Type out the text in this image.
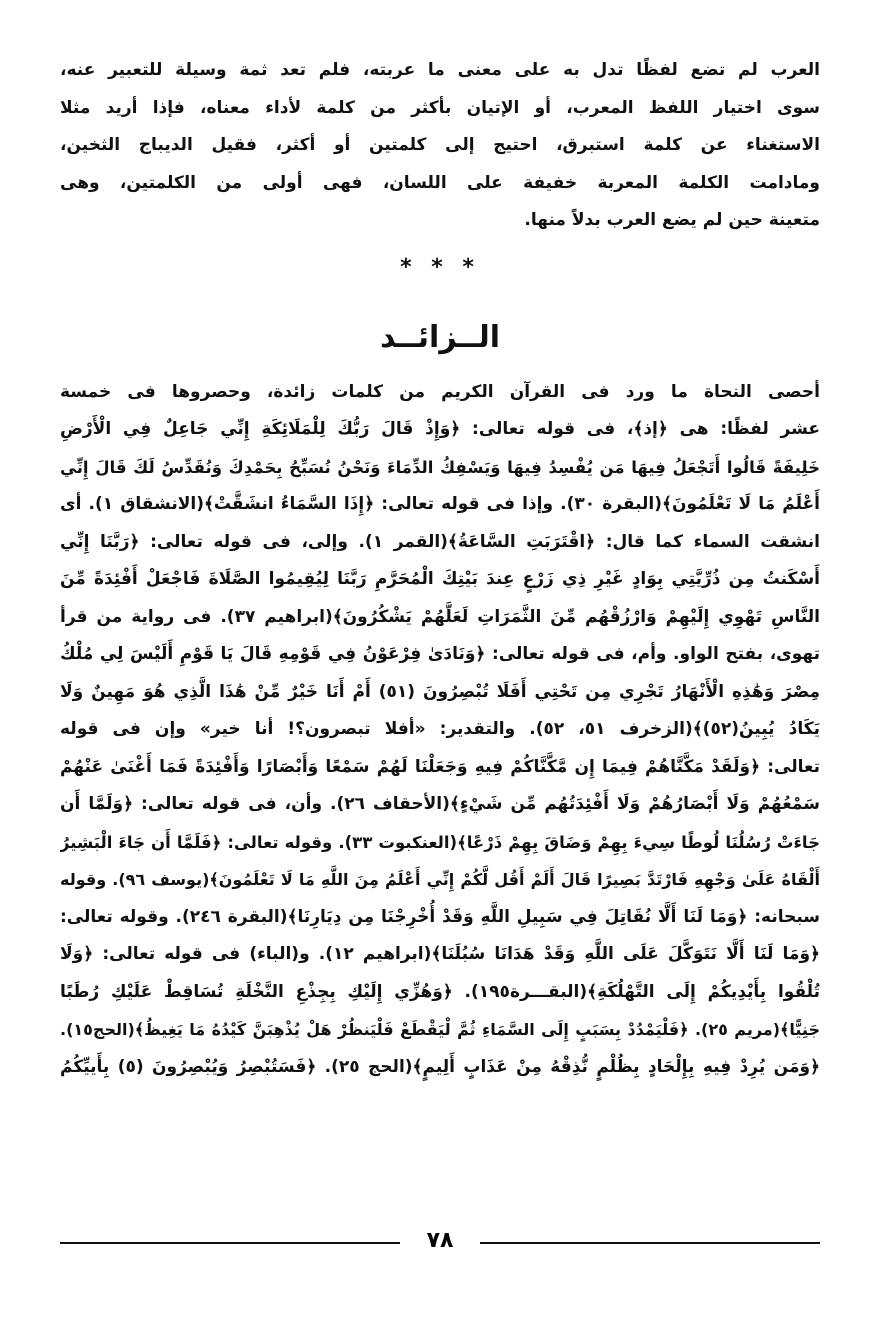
العرب لم تضع لفظًا تدل به على معنى ما عربته، فلم تعد ثمة وسيلة للتعبير عنه،
سوى اختيار اللفظ المعرب، أو الإتيان بأكثر من كلمة لأداء معناه، فإذا أريد مثلا
الاستغناء عن كلمة استبرق، احتيج إلى كلمتين أو أكثر، فقيل الديباج الثخين،
ومادامت الكلمة المعربة خفيفة على اللسان، فهى أولى من الكلمتين، وهى
متعينة حين لم يضع العرب بدلاً منها.
* * *
الــزائــد
أحصى النحاة ما ورد فى القرآن الكريم من كلمات زائدة، وحصروها فى خمسة
عشر لفظًا: هى ﴿إذ﴾، فى قوله تعالى: ﴿وَإِذْ قَالَ رَبُّكَ لِلْمَلَائِكَةِ إِنِّي جَاعِلٌ فِي الْأَرْضِ
خَلِيفَةً قَالُوا أَتَجْعَلُ فِيهَا مَن يُفْسِدُ فِيهَا وَيَسْفِكُ الدِّمَاءَ وَنَحْنُ نُسَبِّحُ بِحَمْدِكَ وَنُقَدِّسُ لَكَ قَالَ إِنِّي
أَعْلَمُ مَا لَا تَعْلَمُونَ﴾(البقرة ٣٠). وإذا فى قوله تعالى: ﴿إِذَا السَّمَاءُ انشَقَّتْ﴾(الانشقاق ١). أى
انشقت السماء كما قال: ﴿اقْتَرَبَتِ السَّاعَةُ﴾(القمر ١). وإلى، فى قوله تعالى: ﴿رَبَّنَا إِنِّي
أَسْكَنتُ مِن ذُرِّيَّتِي بِوَادٍ غَيْرِ ذِي زَرْعٍ عِندَ بَيْتِكَ الْمُحَرَّمِ رَبَّنَا لِيُقِيمُوا الصَّلَاةَ فَاجْعَلْ أَفْئِدَةً مِّنَ
النَّاسِ تَهْوِي إِلَيْهِمْ وَارْزُقْهُم مِّنَ الثَّمَرَاتِ لَعَلَّهُمْ يَشْكُرُونَ﴾(ابراهيم ٣٧). فى رواية من قرأ
تهوى، بفتح الواو. وأم، فى قوله تعالى: ﴿وَنَادَىٰ فِرْعَوْنُ فِي قَوْمِهِ قَالَ يَا قَوْمِ أَلَيْسَ لِي مُلْكُ
مِصْرَ وَهَٰذِهِ الْأَنْهَارُ تَجْرِي مِن تَحْتِي أَفَلَا تُبْصِرُونَ (٥١) أَمْ أَنَا خَيْرٌ مِّنْ هَٰذَا الَّذِي هُوَ مَهِينٌ وَلَا
يَكَادُ يُبِينُ(٥٢)﴾(الزخرف ٥١، ٥٢). والتقدير: «أفلا تبصرون؟! أنا خير» وإن فى قوله
تعالى: ﴿وَلَقَدْ مَكَّنَّاهُمْ فِيمَا إِن مَّكَّنَّاكُمْ فِيهِ وَجَعَلْنَا لَهُمْ سَمْعًا وَأَبْصَارًا وَأَفْئِدَةً فَمَا أَغْنَىٰ عَنْهُمْ
سَمْعُهُمْ وَلَا أَبْصَارُهُمْ وَلَا أَفْئِدَتُهُم مِّن شَيْءٍ﴾(الأحقاف ٢٦). وأن، فى قوله تعالى: ﴿وَلَمَّا أَن
جَاءَتْ رُسُلُنَا لُوطًا سِيءَ بِهِمْ وَضَاقَ بِهِمْ ذَرْعًا﴾(العنكبوت ٣٣). وقوله تعالى: ﴿فَلَمَّا أَن جَاءَ الْبَشِيرُ
أَلْقَاهُ عَلَىٰ وَجْهِهِ فَارْتَدَّ بَصِيرًا قَالَ أَلَمْ أَقُل لَّكُمْ إِنِّي أَعْلَمُ مِنَ اللَّهِ مَا لَا تَعْلَمُونَ﴾(يوسف ٩٦). وقوله
سبحانه: ﴿وَمَا لَنَا أَلَّا نُقَاتِلَ فِي سَبِيلِ اللَّهِ وَقَدْ أُخْرِجْنَا مِن دِيَارِنَا﴾(البقرة ٢٤٦). وقوله تعالى:
﴿وَمَا لَنَا أَلَّا نَتَوَكَّلَ عَلَى اللَّهِ وَقَدْ هَدَانَا سُبُلَنَا﴾(ابراهيم ١٢). و(الباء) فى قوله تعالى: ﴿وَلَا
تُلْقُوا بِأَيْدِيكُمْ إِلَى التَّهْلُكَةِ﴾(البقـــرة١٩٥). ﴿وَهُزِّي إِلَيْكِ بِجِذْعِ النَّخْلَةِ تُسَاقِطْ عَلَيْكِ رُطَبًا
جَنِيًّا﴾(مريم ٢٥). ﴿فَلْيَمْدُدْ بِسَبَبٍ إِلَى السَّمَاءِ ثُمَّ لْيَقْطَعْ فَلْيَنظُرْ هَلْ يُذْهِبَنَّ كَيْدُهُ مَا يَغِيظُ﴾(الحج١٥).
﴿وَمَن يُرِدْ فِيهِ بِإِلْحَادٍ بِظُلْمٍ نُّذِقْهُ مِنْ عَذَابٍ أَلِيمٍ﴾(الحج ٢٥). ﴿فَسَتُبْصِرُ وَيُبْصِرُونَ (٥) بِأَييِّكُمُ
٧٨
